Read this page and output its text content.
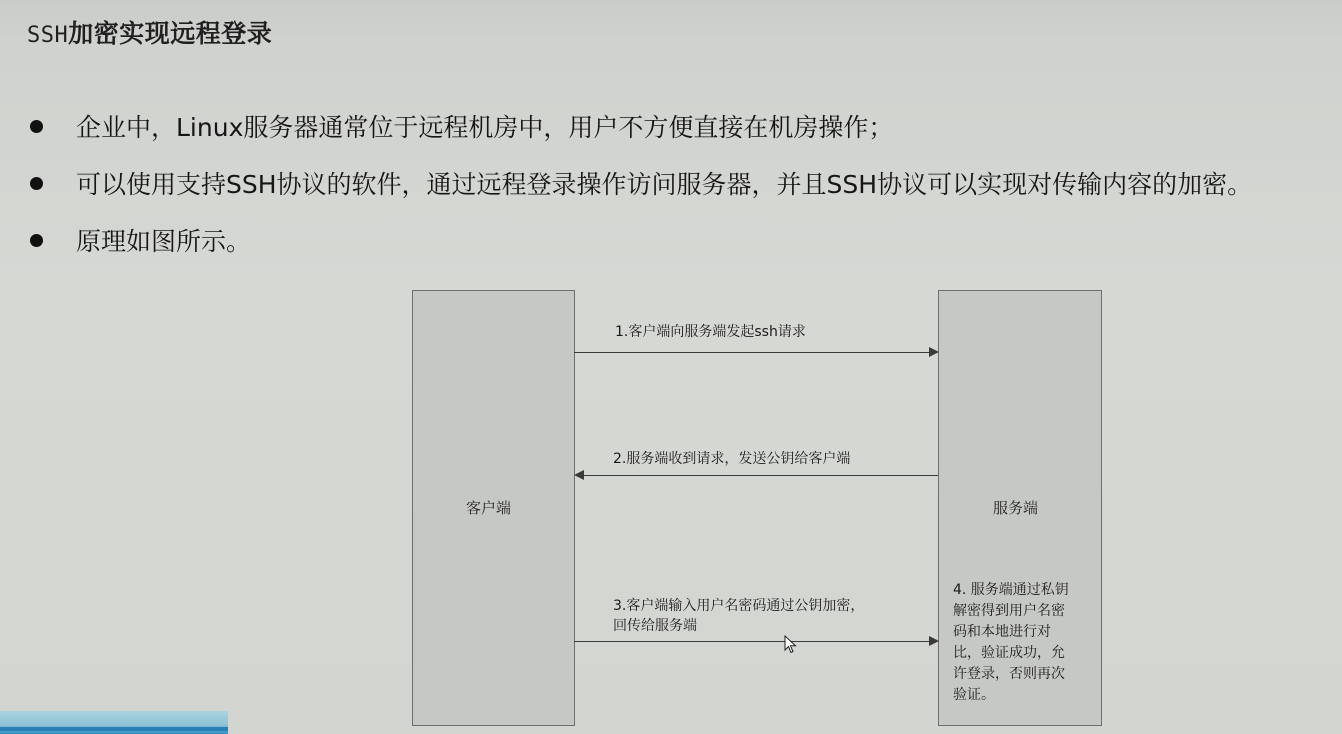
SSH加密实现远程登录
企业中，Linux服务器通常位于远程机房中，用户不方便直接在机房操作；
可以使用支持SSH协议的软件，通过远程登录操作访问服务器，并且SSH协议可以实现对传输内容的加密。
原理如图所示。
客户端	服务端
1.客户端向服务端发起ssh请求
2.服务端收到请求，发送公钥给客户端
3.客户端输入用户名密码通过公钥加密，
回传给服务端
4. 服务端通过私钥
解密得到用户名密
码和本地进行对
比，验证成功，允
许登录，否则再次
验证。
